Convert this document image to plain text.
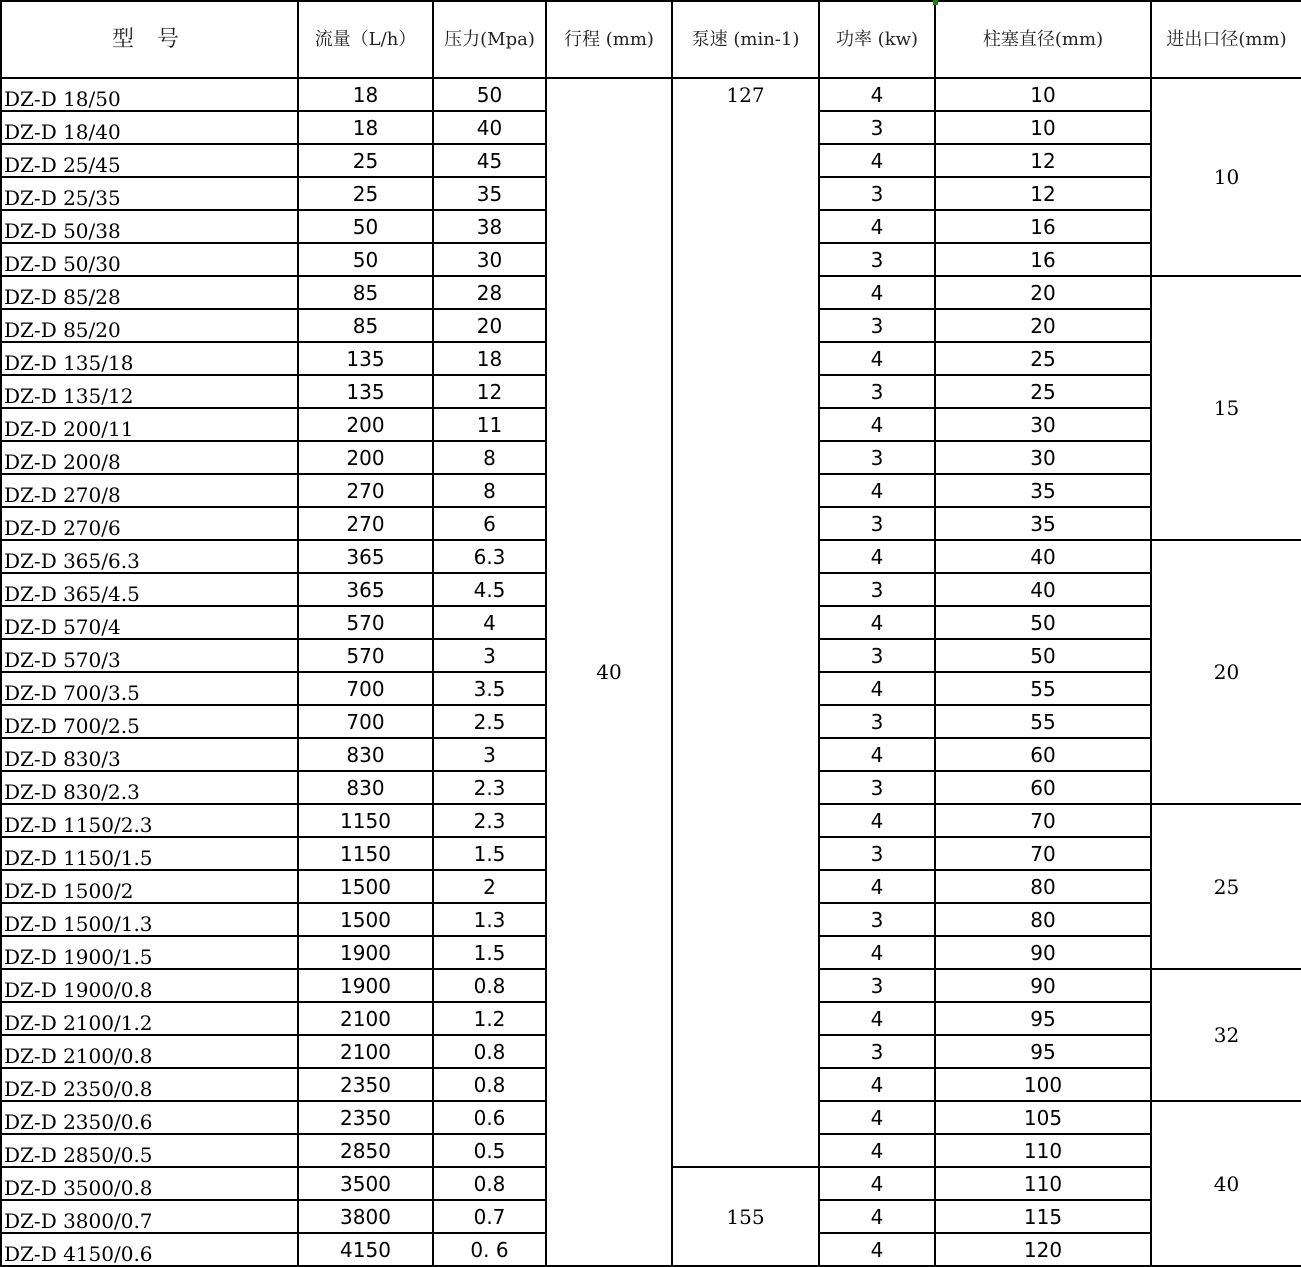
型 号	流量（L/h）	压力(Mpa)	行程 (mm)	泵速 (min-1)	功率 (kw)	柱塞直径(mm)	进出口径(mm)
DZ-D 18/50	18	50	40	127	4	10	10
DZ-D 18/40	18	40			3	10	
DZ-D 25/45	25	45			4	12	
DZ-D 25/35	25	35			3	12	
DZ-D 50/38	50	38			4	16	
DZ-D 50/30	50	30			3	16	
DZ-D 85/28	85	28			4	20	15
DZ-D 85/20	85	20			3	20	
DZ-D 135/18	135	18			4	25	
DZ-D 135/12	135	12			3	25	
DZ-D 200/11	200	11			4	30	
DZ-D 200/8	200	8			3	30	
DZ-D 270/8	270	8			4	35	
DZ-D 270/6	270	6			3	35	
DZ-D 365/6.3	365	6.3			4	40	20
DZ-D 365/4.5	365	4.5			3	40	
DZ-D 570/4	570	4			4	50	
DZ-D 570/3	570	3			3	50	
DZ-D 700/3.5	700	3.5			4	55	
DZ-D 700/2.5	700	2.5			3	55	
DZ-D 830/3	830	3			4	60	
DZ-D 830/2.3	830	2.3			3	60	
DZ-D 1150/2.3	1150	2.3			4	70	25
DZ-D 1150/1.5	1150	1.5			3	70	
DZ-D 1500/2	1500	2			4	80	
DZ-D 1500/1.3	1500	1.3			3	80	
DZ-D 1900/1.5	1900	1.5			4	90	
DZ-D 1900/0.8	1900	0.8			3	90	32
DZ-D 2100/1.2	2100	1.2			4	95	
DZ-D 2100/0.8	2100	0.8			3	95	
DZ-D 2350/0.8	2350	0.8			4	100	
DZ-D 2350/0.6	2350	0.6			4	105	40
DZ-D 2850/0.5	2850	0.5			4	110	
DZ-D 3500/0.8	3500	0.8		155	4	110	
DZ-D 3800/0.7	3800	0.7			4	115	
DZ-D 4150/0.6	4150	0. 6			4	120	
